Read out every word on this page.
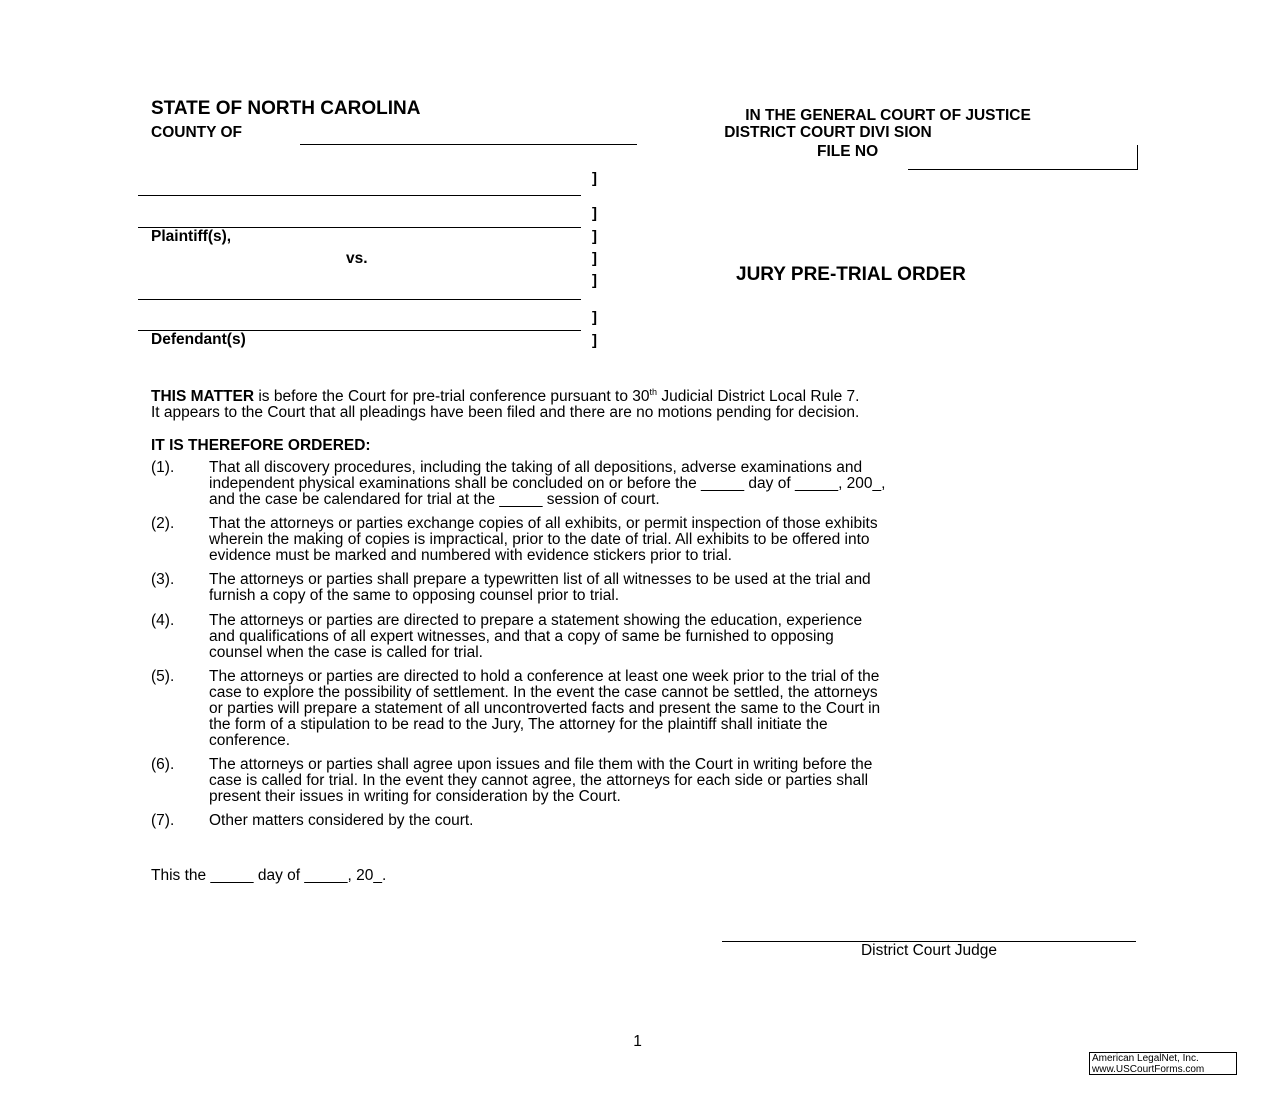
STATE OF NORTH CAROLINA
COUNTY OF
IN THE GENERAL COURT OF JUSTICE
DISTRICT COURT DIVI SION
FILE NO
]
]
]
]
]
]
]
Plaintiff(s),
vs.
Defendant(s)
JURY PRE-TRIAL ORDER
THIS MATTER is before the Court for pre-trial conference pursuant to 30th Judicial District Local Rule 7.
It appears to the Court that all pleadings have been filed and there are no motions pending for decision.
IT IS THEREFORE ORDERED:
(1). That all discovery procedures, including the taking of all depositions, adverse examinations and

independent physical examinations shall be concluded on or before the _____ day of _____, 200_,

and the case be calendared for trial at the _____ session of court.

(2). That the attorneys or parties exchange copies of all exhibits, or permit inspection of those exhibits

wherein the making of copies is impractical, prior to the date of trial. All exhibits to be offered into

evidence must be marked and numbered with evidence stickers prior to trial.

(3). The attorneys or parties shall prepare a typewritten list of all witnesses to be used at the trial and

furnish a copy of the same to opposing counsel prior to trial.

(4). The attorneys or parties are directed to prepare a statement showing the education, experience

and qualifications of all expert witnesses, and that a copy of same be furnished to opposing

counsel when the case is called for trial.

(5). The attorneys or parties are directed to hold a conference at least one week prior to the trial of the

case to explore the possibility of settlement. In the event the case cannot be settled, the attorneys

or parties will prepare a statement of all uncontroverted facts and present the same to the Court in

the form of a stipulation to be read to the Jury, The attorney for the plaintiff shall initiate the

conference.

(6). The attorneys or parties shall agree upon issues and file them with the Court in writing before the

case is called for trial. In the event they cannot agree, the attorneys for each side or parties shall

present their issues in writing for consideration by the Court.

(7). Other matters considered by the court.

This the _____ day of _____, 20_.
District Court Judge
1
American LegalNet, Inc.
www.USCourtForms.com
